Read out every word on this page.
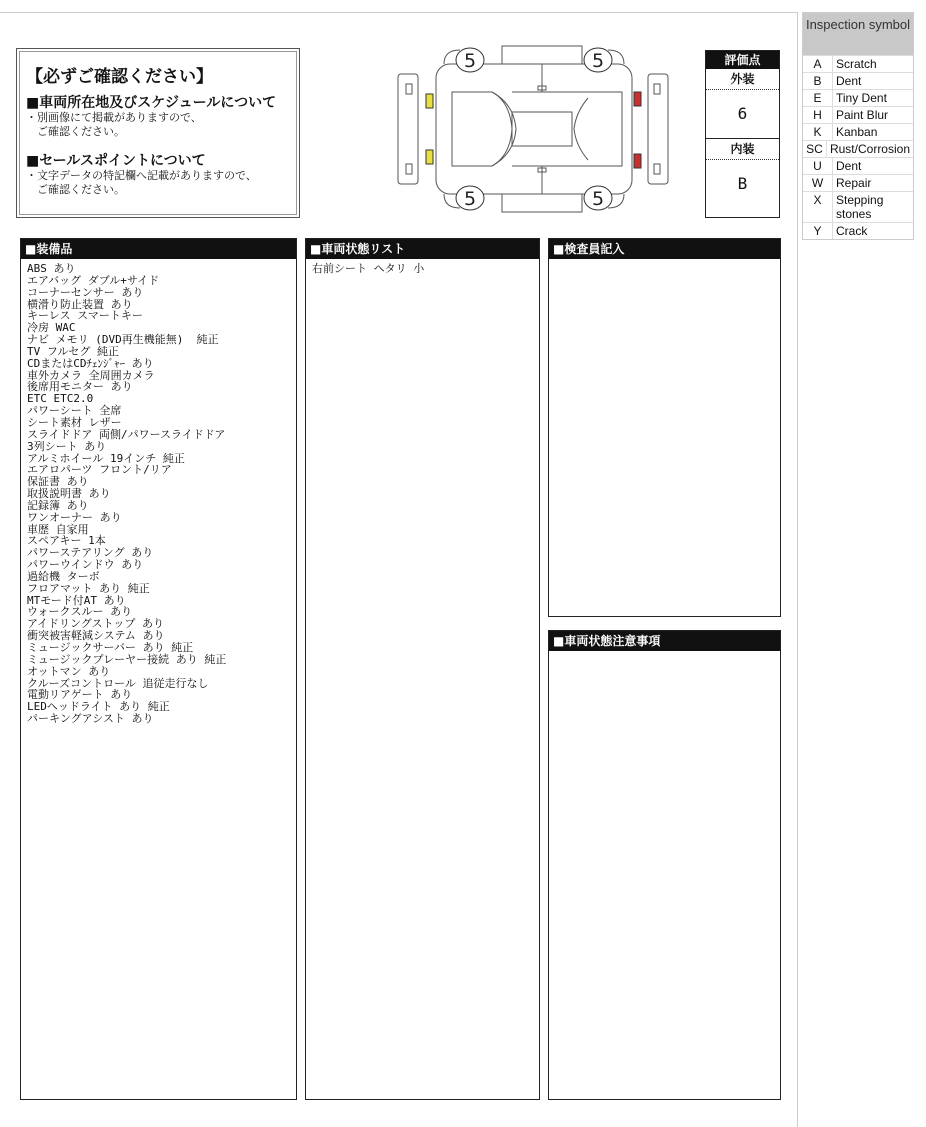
【必ずご確認ください】
■車両所在地及びスケジュールについて
・別画像にて掲載がありますので、
　ご確認ください。
■セールスポイントについて
・文字データの特記欄へ記載がありますので、
　ご確認ください。
5	5
5	5
評価点
外装
6
内装
B
■装備品
ABS あり
エアバッグ ダブル+サイド
コーナーセンサー あり
横滑り防止装置 あり
キーレス スマートキー
冷房 WAC
ナビ メモリ (DVD再生機能無)  純正
TV フルセグ 純正
CDまたはCDﾁｪﾝｼﾞｬｰ あり
車外カメラ 全周囲カメラ
後席用モニター あり
ETC ETC2.0
パワーシート 全席
シート素材 レザー
スライドドア 両側/パワースライドドア
3列シート あり
アルミホイール 19インチ 純正
エアロパーツ フロント/リア
保証書 あり
取扱説明書 あり
記録簿 あり
ワンオーナー あり
車歴 自家用
スペアキー 1本
パワーステアリング あり
パワーウインドウ あり
過給機 ターボ
フロアマット あり 純正
MTモード付AT あり
ウォークスルー あり
アイドリングストップ あり
衝突被害軽減システム あり
ミュージックサーバー あり 純正
ミュージックプレーヤー接続 あり 純正
オットマン あり
クルーズコントロール 追従走行なし
電動リアゲート あり
LEDヘッドライト あり 純正
パーキングアシスト あり
■車両状態リスト
右前シート ヘタリ 小
■検査員記入
■車両状態注意事項
Inspection symbol
A	Scratch
B	Dent
E	Tiny Dent
H	Paint Blur
K	Kanban
SC Rust/Corrosion
U	Dent
W	Repair
X	Stepping stones
Y	Crack
